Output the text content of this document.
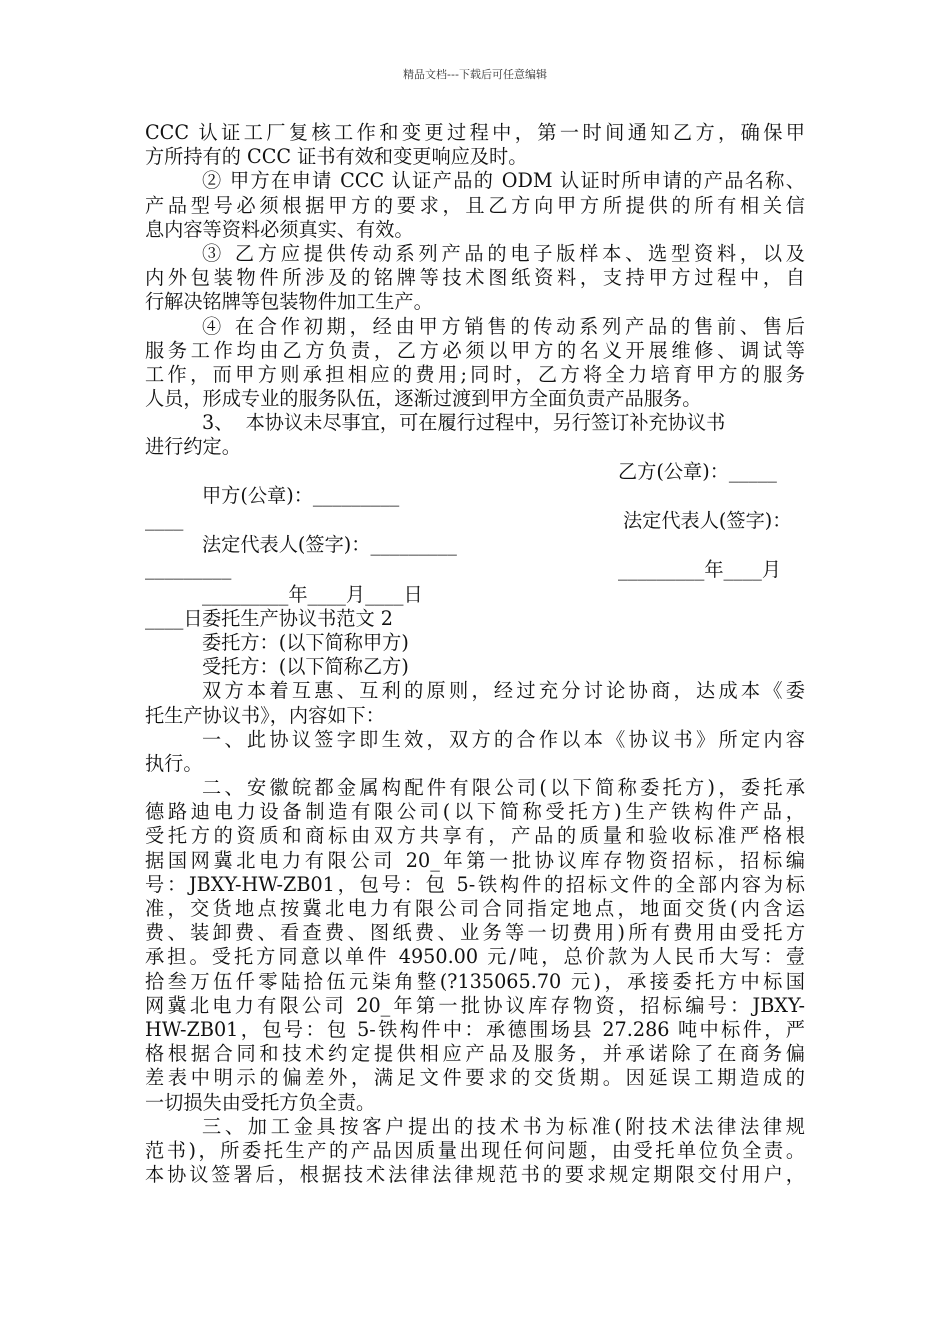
精品文档---下载后可任意编辑
CCC 认证工厂复核工作和变更过程中，第一时间通知乙方，确保甲
方所持有的 CCC 证书有效和变更响应及时。
② 甲方在申请 CCC 认证产品的 ODM 认证时所申请的产品名称、
产品型号必须根据甲方的要求，且乙方向甲方所提供的所有相关信
息内容等资料必须真实、有效。
③ 乙方应提供传动系列产品的电子版样本、选型资料，以及
内外包装物件所涉及的铭牌等技术图纸资料，支持甲方过程中，自
行解决铭牌等包装物件加工生产。
④ 在合作初期，经由甲方销售的传动系列产品的售前、售后
服务工作均由乙方负责，乙方必须以甲方的名义开展维修、调试等
工作，而甲方则承担相应的费用;同时，乙方将全力培育甲方的服务
人员，形成专业的服务队伍，逐渐过渡到甲方全面负责产品服务。
3、  本协议未尽事宜，可在履行过程中，另行签订补充协议书
进行约定。

甲方(公章)：_________

乙方(公章)：_____

____

法定代表人(签字)：_________

法定代表人(签字)：

_________

_________年____月____日

_________年____月

____日

委托生产协议书范文 2
委托方：(以下简称甲方)
受托方：(以下简称乙方)
双方本着互惠、互利的原则，经过充分讨论协商，达成本《委
托生产协议书》，内容如下：
一、此协议签字即生效，双方的合作以本《协议书》所定内容
执行。
二、安徽皖都金属构配件有限公司(以下简称委托方)，委托承
德路迪电力设备制造有限公司(以下简称受托方)生产铁构件产品，
受托方的资质和商标由双方共享有，产品的质量和验收标准严格根
据国网冀北电力有限公司 20_年第一批协议库存物资招标，招标编
号：JBXY-HW-ZB01，包号：包 5-铁构件的招标文件的全部内容为标
准，交货地点按冀北电力有限公司合同指定地点，地面交货(内含运
费、装卸费、看查费、图纸费、业务等一切费用)所有费用由受托方
承担。受托方同意以单件 4950.00 元/吨，总价款为人民币大写：壹
拾叁万伍仟零陆拾伍元柒角整(?135065.70 元)，承接委托方中标国
网冀北电力有限公司 20_年第一批协议库存物资，招标编号：JBXY-
HW-ZB01，包号：包 5-铁构件中：承德围场县 27.286 吨中标件，严
格根据合同和技术约定提供相应产品及服务，并承诺除了在商务偏
差表中明示的偏差外，满足文件要求的交货期。因延误工期造成的
一切损失由受托方负全责。
三、加工金具按客户提出的技术书为标准(附技术法律法律规
范书)，所委托生产的产品因质量出现任何问题，由受托单位负全责。
本协议签署后，根据技术法律法律规范书的要求规定期限交付用户，
